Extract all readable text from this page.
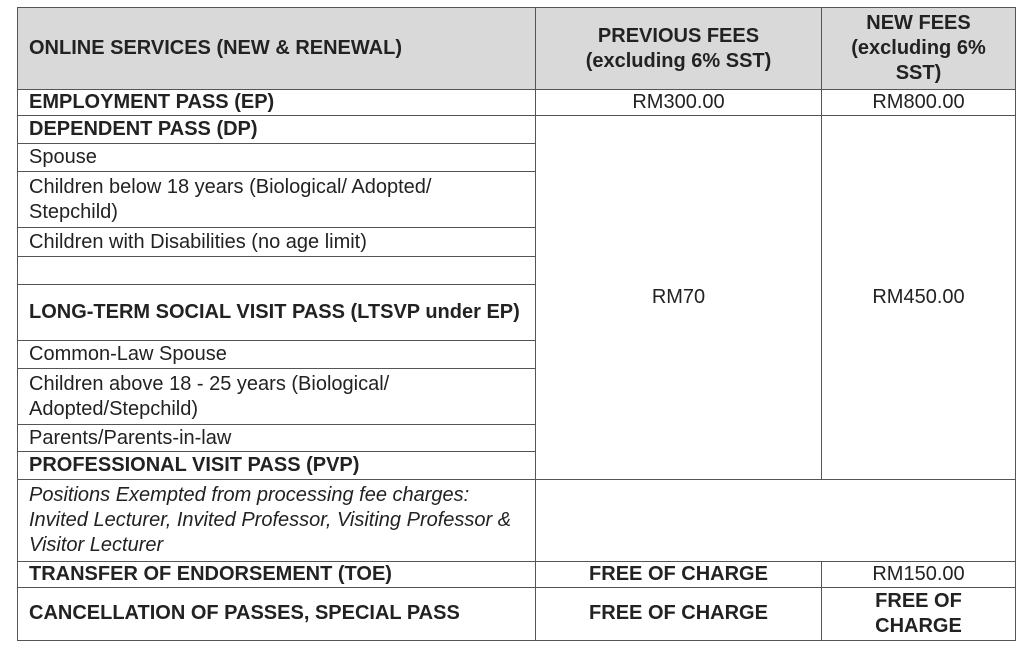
ONLINE SERVICES (NEW & RENEWAL)	PREVIOUS FEES (excluding 6% SST)	NEW FEES (excluding 6% SST)	
EMPLOYMENT PASS (EP)	RM300.00	RM800.00	
DEPENDENT PASS (DP)	RM70	RM450.00	
Spouse			
Children below 18 years (Biological/ Adopted/ Stepchild)			
Children with Disabilities (no age limit)			

LONG-TERM SOCIAL VISIT PASS (LTSVP under EP)			
Common-Law Spouse			
Children above 18 - 25 years (Biological/ Adopted/Stepchild)			
Parents/Parents-in-law			
PROFESSIONAL VISIT PASS (PVP)		
Positions Exempted from processing fee charges: Invited Lecturer, Invited Professor, Visiting Professor & Visitor Lecturer			
TRANSFER OF ENDORSEMENT (TOE)	FREE OF CHARGE	RM150.00	
CANCELLATION OF PASSES, SPECIAL PASS	FREE OF CHARGE	FREE OF CHARGE	
